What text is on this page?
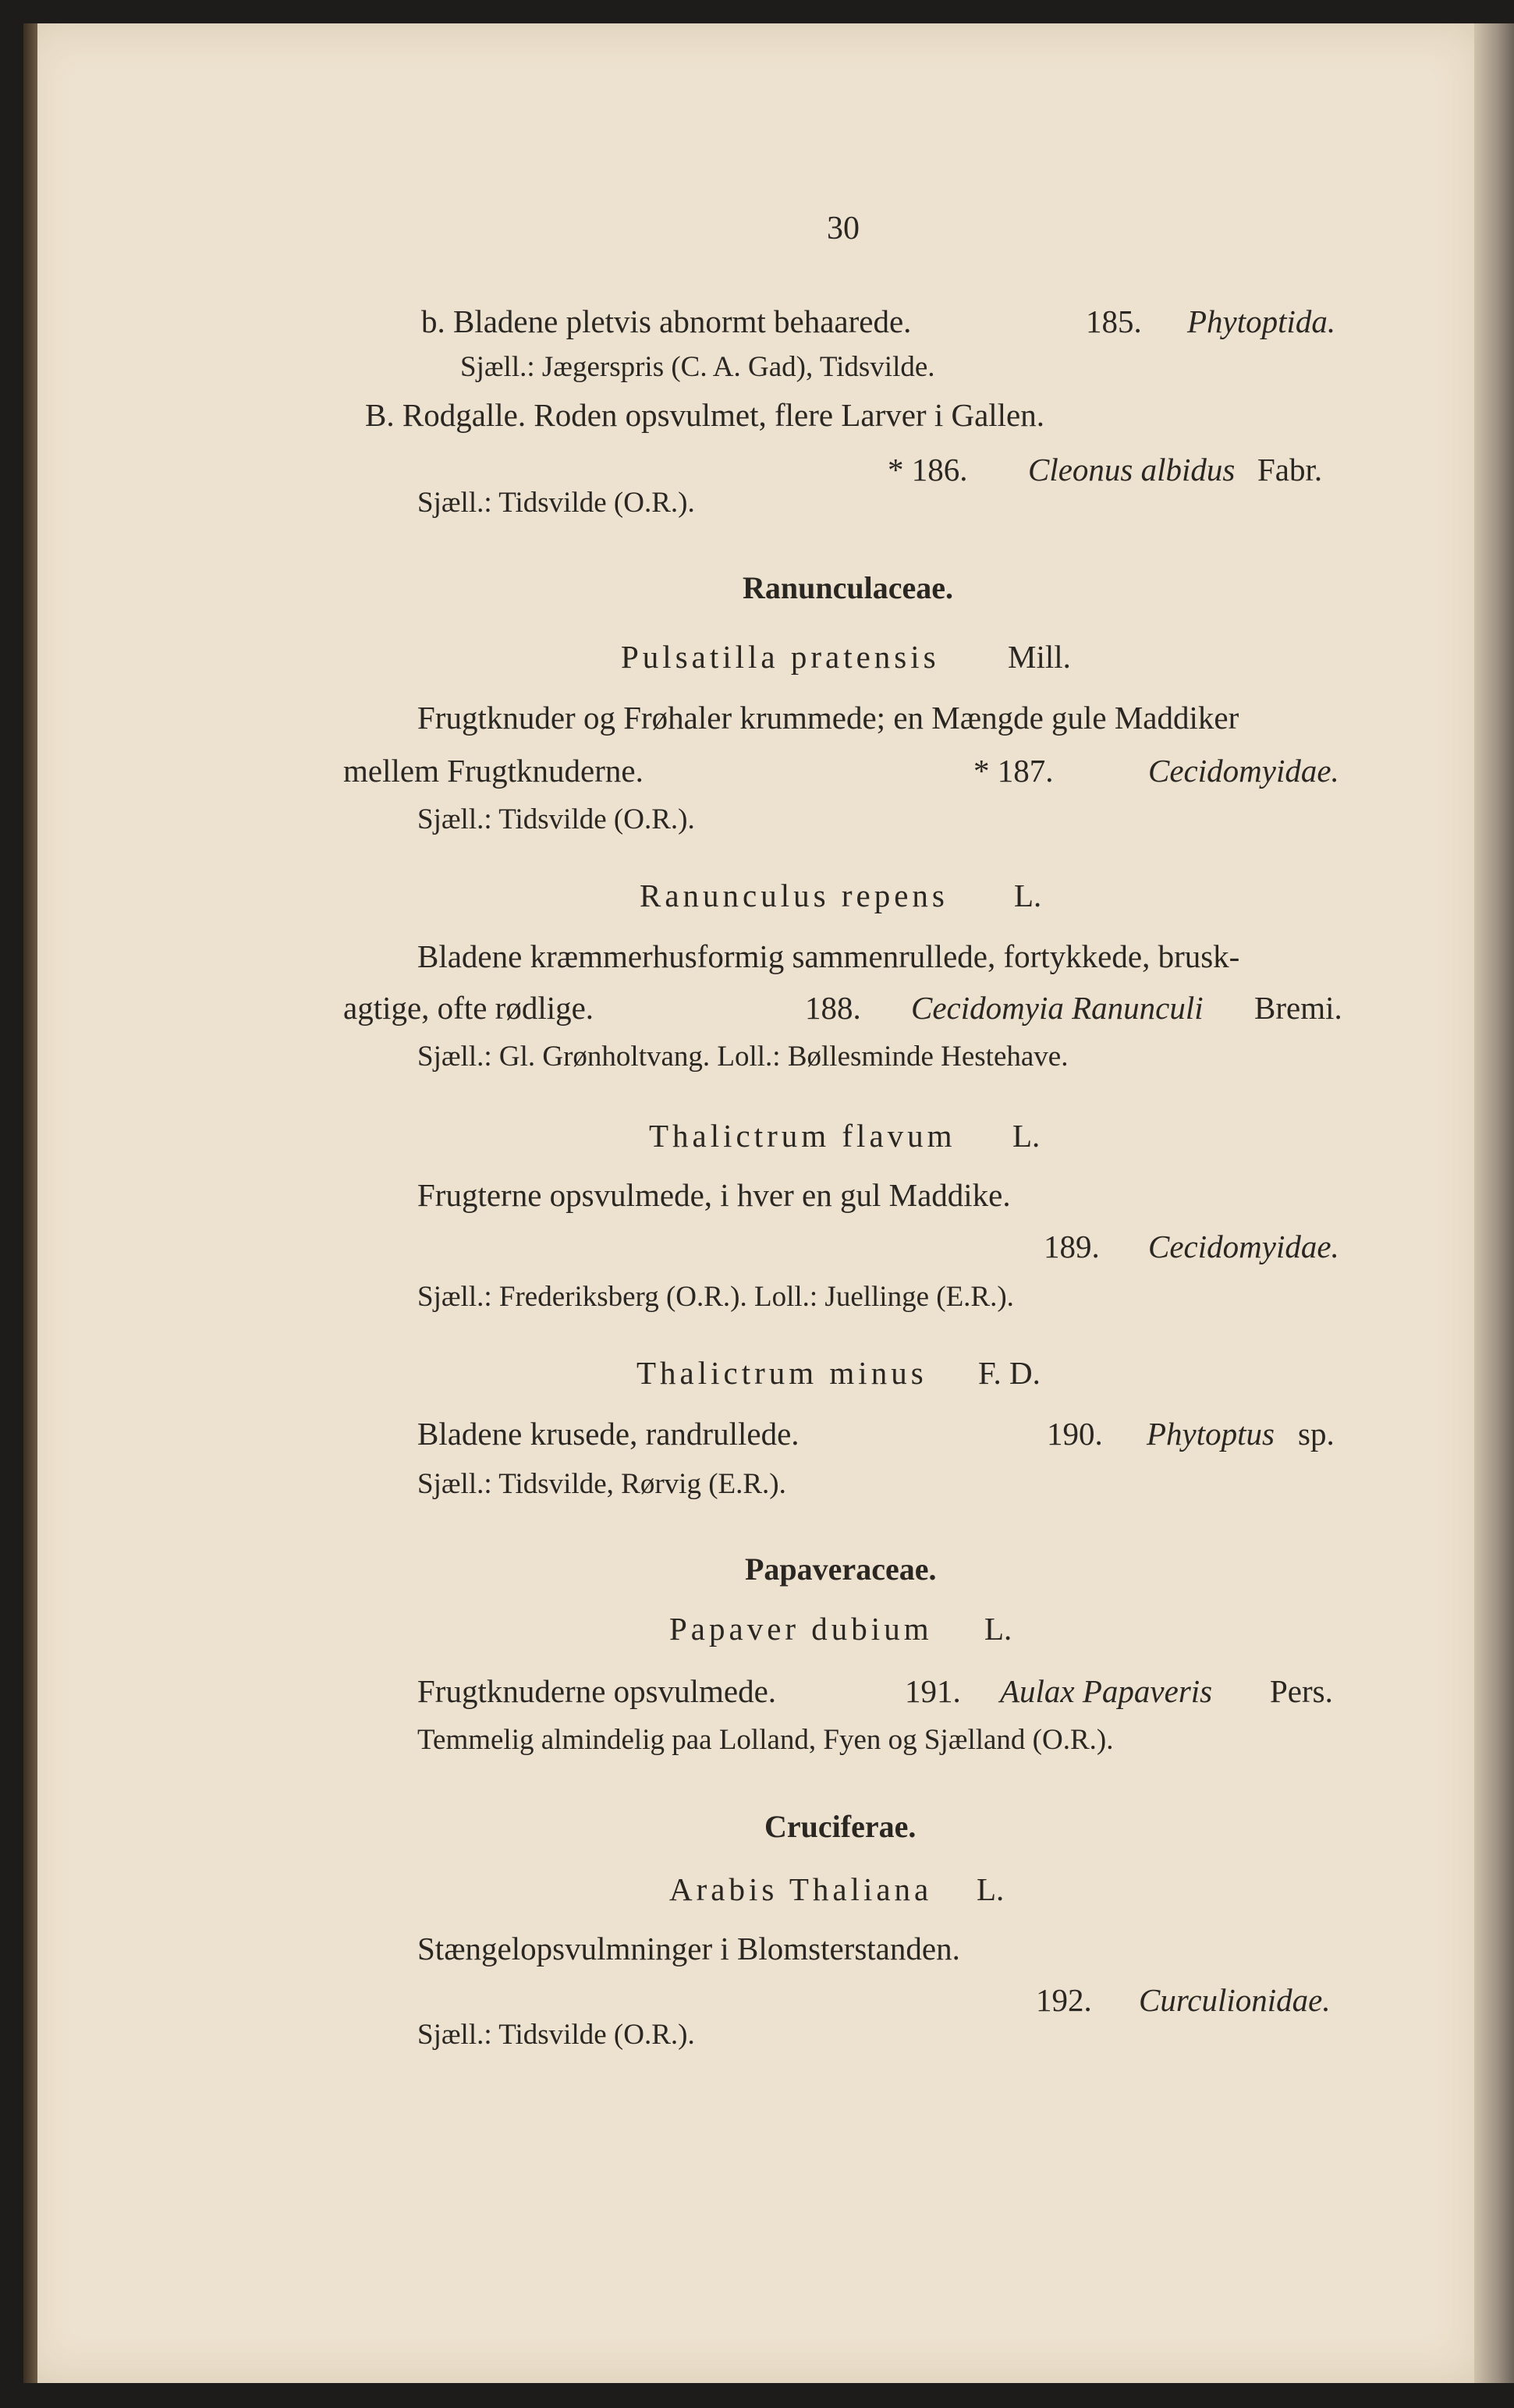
30
b. Bladene pletvis abnormt behaarede.	185. Phytoptida.
Sjæll.: Jægerspris (C. A. Gad), Tidsvilde.
B. Rodgalle. Roden opsvulmet, flere Larver i Gallen.
* 186. Cleonus albidus Fabr.
Sjæll.: Tidsvilde (O.R.).
Ranunculaceae.
Pulsatilla pratensis Mill.
Frugtknuder og Frøhaler krummede; en Mængde gule Maddiker
mellem Frugtknuderne.	* 187.	Cecidomyidae.
Sjæll.: Tidsvilde (O.R.).
Ranunculus repens L.
Bladene kræmmerhusformig sammenrullede, fortykkede, brusk-
agtige, ofte rødlige.	188. Cecidomyia Ranunculi Bremi.
Sjæll.: Gl. Grønholtvang. Loll.: Bøllesminde Hestehave.
Thalictrum flavum L.
Frugterne opsvulmede, i hver en gul Maddike.
189. Cecidomyidae.
Sjæll.: Frederiksberg (O.R.). Loll.: Juellinge (E.R.).
Thalictrum minus F. D.
Bladene krusede, randrullede.	190. Phytoptus sp.
Sjæll.: Tidsvilde, Rørvig (E.R.).
Papaveraceae.
Papaver dubium L.
Frugtknuderne opsvulmede.	191. Aulax Papaveris Pers.
Temmelig almindelig paa Lolland, Fyen og Sjælland (O.R.).
Cruciferae.
Arabis Thaliana L.
Stængelopsvulmninger i Blomsterstanden.
192. Curculionidae.
Sjæll.: Tidsvilde (O.R.).
